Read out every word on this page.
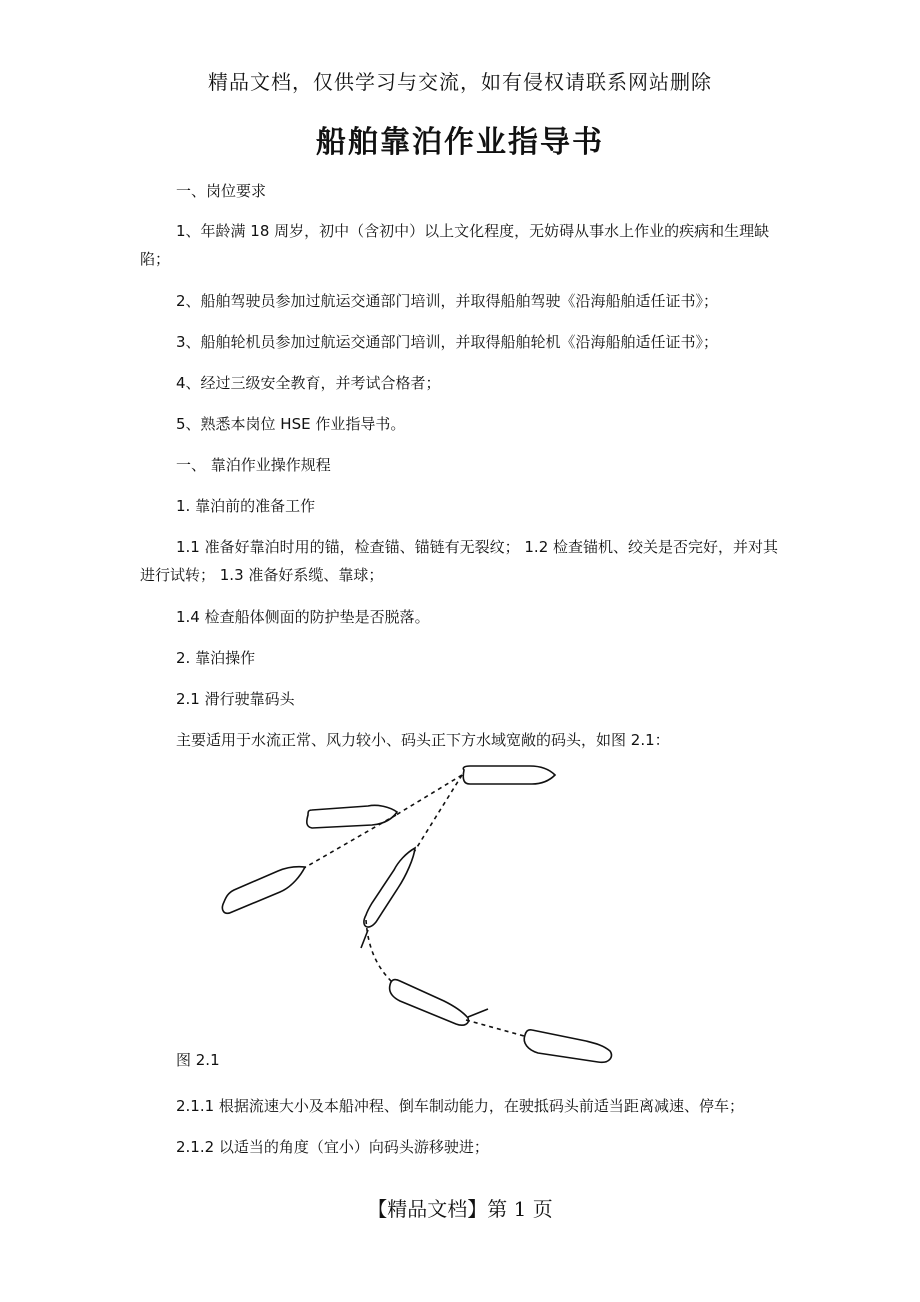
精品文档，仅供学习与交流，如有侵权请联系网站删除
船舶靠泊作业指导书
一、岗位要求
1、年龄满 18 周岁，初中（含初中）以上文化程度，无妨碍从事水上作业的疾病和生理缺陷；
2、船舶驾驶员参加过航运交通部门培训，并取得船舶驾驶《沿海船舶适任证书》；
3、船舶轮机员参加过航运交通部门培训，并取得船舶轮机《沿海船舶适任证书》；
4、经过三级安全教育，并考试合格者；
5、熟悉本岗位 HSE 作业指导书。
一、 靠泊作业操作规程
1. 靠泊前的准备工作
1.1 准备好靠泊时用的锚，检查锚、锚链有无裂纹； 1.2 检查锚机、绞关是否完好，并对其进行试转； 1.3 准备好系缆、靠球；
1.4 检查船体侧面的防护垫是否脱落。
2. 靠泊操作
2.1 滑行驶靠码头
主要适用于水流正常、风力较小、码头正下方水域宽敞的码头，如图 2.1：
图 2.1
2.1.1 根据流速大小及本船冲程、倒车制动能力，在驶抵码头前适当距离减速、停车；
2.1.2 以适当的角度（宜小）向码头游移驶进；
【精品文档】第 1 页
